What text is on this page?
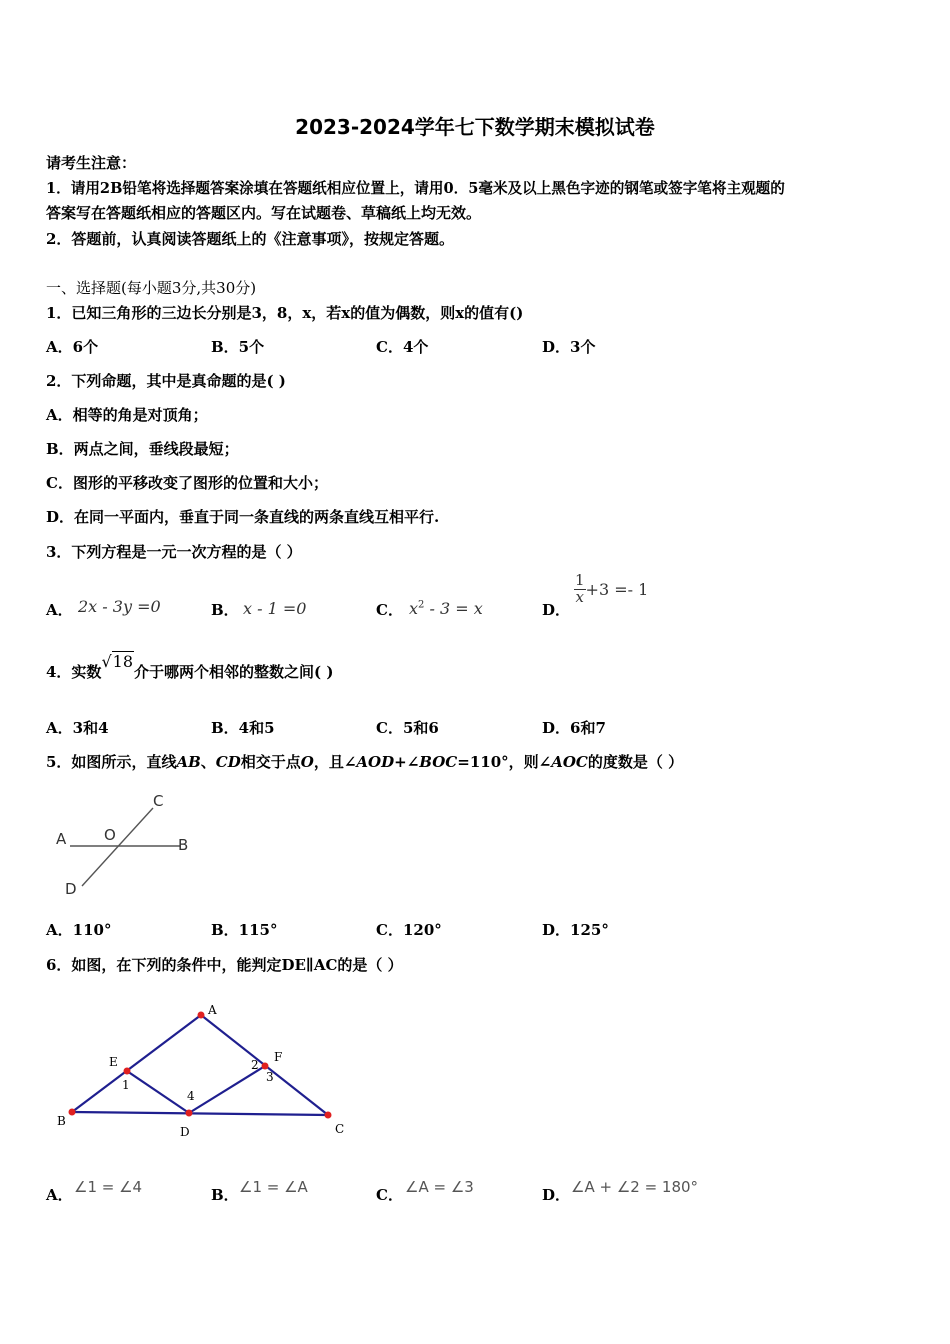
2023-2024学年七下数学期末模拟试卷
请考生注意：
1．请用2B铅笔将选择题答案涂填在答题纸相应位置上，请用0．5毫米及以上黑色字迹的钢笔或签字笔将主观题的
答案写在答题纸相应的答题区内。写在试题卷、草稿纸上均无效。
2．答题前，认真阅读答题纸上的《注意事项》，按规定答题。
一、选择题(每小题3分,共30分)
1．已知三角形的三边长分别是3，8，x，若x的值为偶数，则x的值有()
A．6个	B．5个	C．4个	D．3个
2．下列命题，其中是真命题的是( )
A．相等的角是对顶角；
B．两点之间，垂线段最短；
C．图形的平移改变了图形的位置和大小；
D．在同一平面内，垂直于同一条直线的两条直线互相平行.
3．下列方程是一元一次方程的是（ ）
A． 2x - 3y =0	B． x - 1 =0	C． $x^2 - 3 = x$	D．
$\frac{1}{x} +3 =- 1$
4．实数√18介于哪两个相邻的整数之间( )
A．3和4	B．4和5	C．5和6	D．6和7
5．如图所示，直线AB、CD相交于点O，且∠AOD+∠BOC=110°，则∠AOC的度数是（ ）
A	B
C
D
O
A．110°	B．115°	C．120°	D．125°
6．如图，在下列的条件中，能判定DE∥AC的是（ ）
A
B
C
D
E	F
1
2
3
4
A． ∠1 = ∠4	B． ∠1 = ∠A	C． ∠A = ∠3	D． ∠A + ∠2 = 180°
